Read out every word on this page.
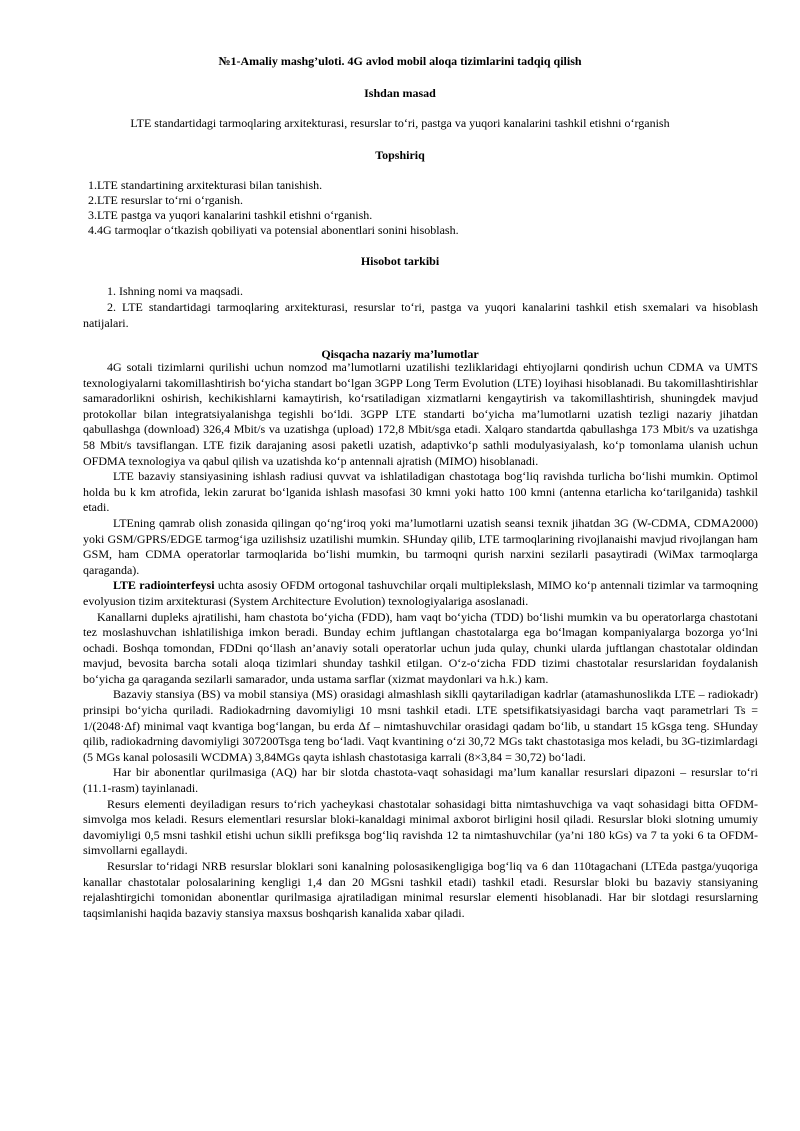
№1-Amaliy mashg’uloti. 4G avlod mobil aloqa tizimlarini tadqiq qilish
Ishdan masad
LTE standartidagi tarmoqlaring arxitekturasi, resurslar to‘ri, pastga va yuqori kanalarini tashkil etishni o‘rganish
Topshiriq
1.LTE standartining arxitekturasi bilan tanishish.
2.LTE resurslar to‘rni o‘rganish.
3.LTE pastga va yuqori kanalarini tashkil etishni o‘rganish.
4.4G tarmoqlar o‘tkazish qobiliyati va potensial abonentlari sonini hisoblash.
Hisobot tarkibi

1. Ishning nomi va maqsadi.

2. LTE standartidagi tarmoqlaring arxitekturasi, resurslar to‘ri, pastga va yuqori kanalarini tashkil etish sxemalari va hisoblash natijalari.

Qisqacha nazariy ma’lumotlar

4G sotali tizimlarni qurilishi uchun nomzod ma’lumotlarni uzatilishi tezliklaridagi ehtiyojlarni qondirish uchun CDMA va UMTS texnologiyalarni takomillashtirish bo‘yicha standart bo‘lgan 3GPP Long Term Evolution (LTE) loyihasi hisoblanadi. Bu takomillashtirishlar samaradorlikni oshirish, kechikishlarni kamaytirish, ko‘rsatiladigan xizmatlarni kengaytirish va takomillashtirish, shuningdek mavjud protokollar bilan integratsiyalanishga tegishli bo‘ldi. 3GPP LTE standarti bo‘yicha ma’lumotlarni uzatish tezligi nazariy jihatdan qabullashga (download) 326,4 Mbit/s va uzatishga (upload) 172,8 Mbit/sga etadi. Xalqaro standartda qabullashga 173 Mbit/s va uzatishga 58 Mbit/s tavsiflangan. LTE fizik darajaning asosi paketli uzatish, adaptivko‘p sathli modulyasiyalash, ko‘p tomonlama ulanish uchun OFDMA texnologiya va qabul qilish va uzatishda ko‘p antennali ajratish (MIMO) hisoblanadi.

LTE bazaviy stansiyasining ishlash radiusi quvvat va ishlatiladigan chastotaga bog‘liq ravishda turlicha bo‘lishi mumkin. Optimol holda bu k km atrofida, lekin zarurat bo‘lganida ishlash masofasi 30 kmni yoki hatto 100 kmni (antenna etarlicha ko‘tarilganida) tashkil etadi.

LTEning qamrab olish zonasida qilingan qo‘ng‘iroq yoki ma’lumotlarni uzatish seansi texnik jihatdan 3G (W-CDMA, CDMA2000) yoki GSM/GPRS/EDGE tarmog‘iga uzilishsiz uzatilishi mumkin. SHunday qilib, LTE tarmoqlarining rivojlanaishi mavjud rivojlangan ham GSM, ham CDMA operatorlar tarmoqlarida bo‘lishi mumkin, bu tarmoqni qurish narxini sezilarli pasaytiradi (WiMax tarmoqlarga qaraganda).

LTE radiointerfeysi uchta asosiy OFDM ortogonal tashuvchilar orqali multiplekslash, MIMO ko‘p antennali tizimlar va tarmoqning evolyusion tizim arxitekturasi (System Architecture Evolution) texnologiyalariga asoslanadi.

Kanallarni dupleks ajratilishi, ham chastota bo‘yicha (FDD), ham vaqt bo‘yicha (TDD) bo‘lishi mumkin va bu operatorlarga chastotani tez moslashuvchan ishlatilishiga imkon beradi. Bunday echim juftlangan chastotalarga ega bo‘lmagan kompaniyalarga bozorga yo‘lni ochadi. Boshqa tomondan, FDDni qo‘llash an’anaviy sotali operatorlar uchun juda qulay, chunki ularda juftlangan chastotalar oldindan mavjud, bevosita barcha sotali aloqa tizimlari shunday tashkil etilgan. O‘z-o‘zicha FDD tizimi chastotalar resurslaridan foydalanish bo‘yicha ga qaraganda sezilarli samarador, unda ustama sarflar (xizmat maydonlari va h.k.) kam.

Bazaviy stansiya (BS) va mobil stansiya (MS) orasidagi almashlash siklli qaytariladigan kadrlar (atamashunoslikda LTE – radiokadr) prinsipi bo‘yicha quriladi. Radiokadrning davomiyligi 10 msni tashkil etadi. LTE spetsifikatsiyasidagi barcha vaqt parametrlari Ts = 1/(2048·Δf) minimal vaqt kvantiga bog‘langan, bu erda Δf – nimtashuvchilar orasidagi qadam bo‘lib, u standart 15 kGsga teng. SHunday qilib, radiokadrning davomiyligi 307200Tsga teng bo‘ladi. Vaqt kvantining o‘zi 30,72 MGs takt chastotasiga mos keladi, bu 3G-tizimlardagi (5 MGs kanal polosasili WCDMA) 3,84MGs qayta ishlash chastotasiga karrali (8×3,84 = 30,72) bo‘ladi.

Har bir abonentlar qurilmasiga (AQ) har bir slotda chastota-vaqt sohasidagi ma’lum kanallar resurslari dipazoni – resurslar to‘ri (11.1-rasm) tayinlanadi.

Resurs elementi deyiladigan resurs to‘rich yacheykasi chastotalar sohasidagi bitta nimtashuvchiga va vaqt sohasidagi bitta OFDM-simvolga mos keladi. Resurs elementlari resurslar bloki-kanaldagi minimal axborot birligini hosil qiladi. Resurslar bloki slotning umumiy davomiyligi 0,5 msni tashkil etishi uchun siklli prefiksga bog‘liq ravishda 12 ta nimtashuvchilar (ya’ni 180 kGs) va 7 ta yoki 6 ta OFDM-simvollarni egallaydi.

Resurslar to‘ridagi NRB resurslar bloklari soni kanalning polosasikengligiga bog‘liq va 6 dan 110tagachani (LTEda pastga/yuqoriga kanallar chastotalar polosalarining kengligi 1,4 dan 20 MGsni tashkil etadi) tashkil etadi. Resurslar bloki bu bazaviy stansiyaning rejalashtirgichi tomonidan abonentlar qurilmasiga ajratiladigan minimal resurslar elementi hisoblanadi. Har bir slotdagi resurslarning taqsimlanishi haqida bazaviy stansiya maxsus boshqarish kanalida xabar qiladi.
